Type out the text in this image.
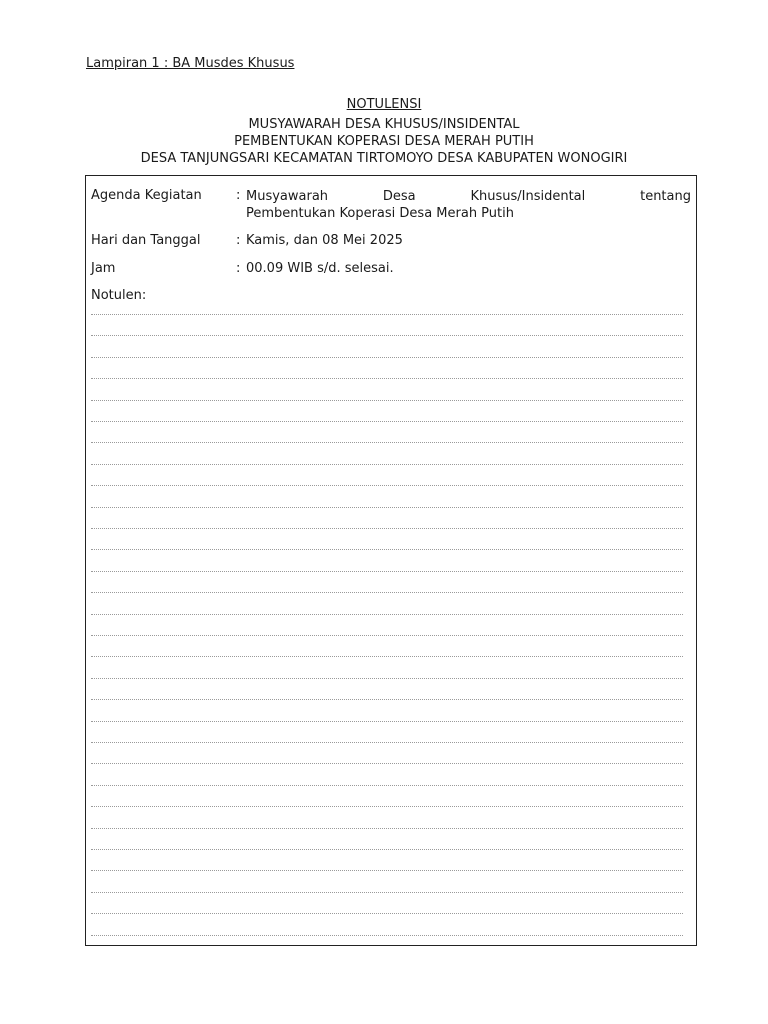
Lampiran 1 : BA Musdes Khusus
NOTULENSI
MUSYAWARAH DESA KHUSUS/INSIDENTAL
PEMBENTUKAN KOPERASI DESA MERAH PUTIH
DESA TANJUNGSARI KECAMATAN TIRTOMOYO DESA KABUPATEN WONOGIRI
Agenda Kegiatan	: Musyawarah Desa Khusus/Insidental tentang
Pembentukan Koperasi Desa Merah Putih
Hari dan Tanggal	: Kamis, dan 08 Mei 2025
Jam	: 00.09 WIB s/d. selesai.
Notulen:
